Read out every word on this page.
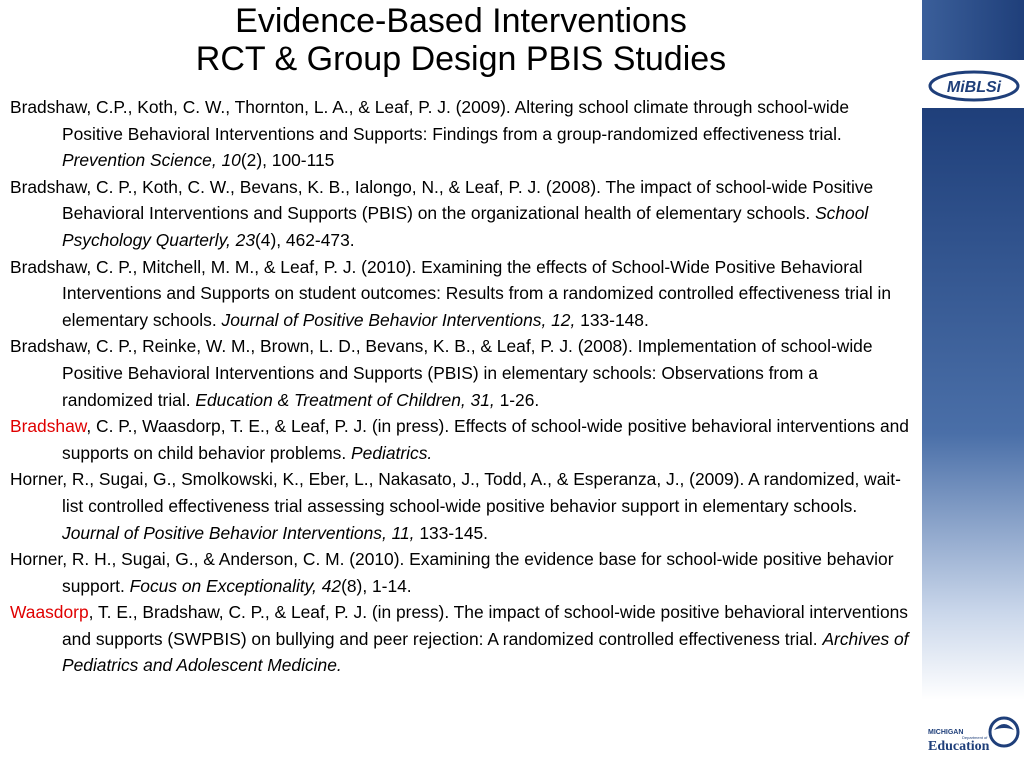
Evidence-Based Interventions
RCT & Group Design PBIS Studies

Bradshaw, C.P., Koth, C. W., Thornton, L. A., & Leaf, P. J. (2009). Altering school climate through school-wide Positive Behavioral Interventions and Supports: Findings from a group-randomized effectiveness trial. Prevention Science, 10(2), 100-115

Bradshaw, C. P., Koth, C. W., Bevans, K. B., Ialongo, N., & Leaf, P. J. (2008). The impact of school-wide Positive Behavioral Interventions and Supports (PBIS) on the organizational health of elementary schools. School Psychology Quarterly, 23(4), 462-473.

Bradshaw, C. P., Mitchell, M. M., & Leaf, P. J. (2010). Examining the effects of School-Wide Positive Behavioral Interventions and Supports on student outcomes: Results from a randomized controlled effectiveness trial in elementary schools. Journal of Positive Behavior Interventions, 12, 133-148.

Bradshaw, C. P., Reinke, W. M., Brown, L. D., Bevans, K. B., & Leaf, P. J. (2008). Implementation of school-wide Positive Behavioral Interventions and Supports (PBIS) in elementary schools: Observations from a randomized trial. Education & Treatment of Children, 31, 1-26.

Bradshaw, C. P., Waasdorp, T. E., & Leaf, P. J. (in press). Effects of school-wide positive behavioral interventions and supports on child behavior problems. Pediatrics.

Horner, R., Sugai, G., Smolkowski, K., Eber, L., Nakasato, J., Todd, A., & Esperanza, J., (2009). A randomized, wait-list controlled effectiveness trial assessing school-wide positive behavior support in elementary schools. Journal of Positive Behavior Interventions, 11, 133-145.

Horner, R. H., Sugai, G., & Anderson, C. M. (2010). Examining the evidence base for school-wide positive behavior support. Focus on Exceptionality, 42(8), 1-14.

Waasdorp, T. E., Bradshaw, C. P., & Leaf, P. J. (in press). The impact of school-wide positive behavioral interventions and supports (SWPBIS) on bullying and peer rejection: A randomized controlled effectiveness trial. Archives of Pediatrics and Adolescent Medicine.

MiBLSi
MICHIGAN
Department of
Education
